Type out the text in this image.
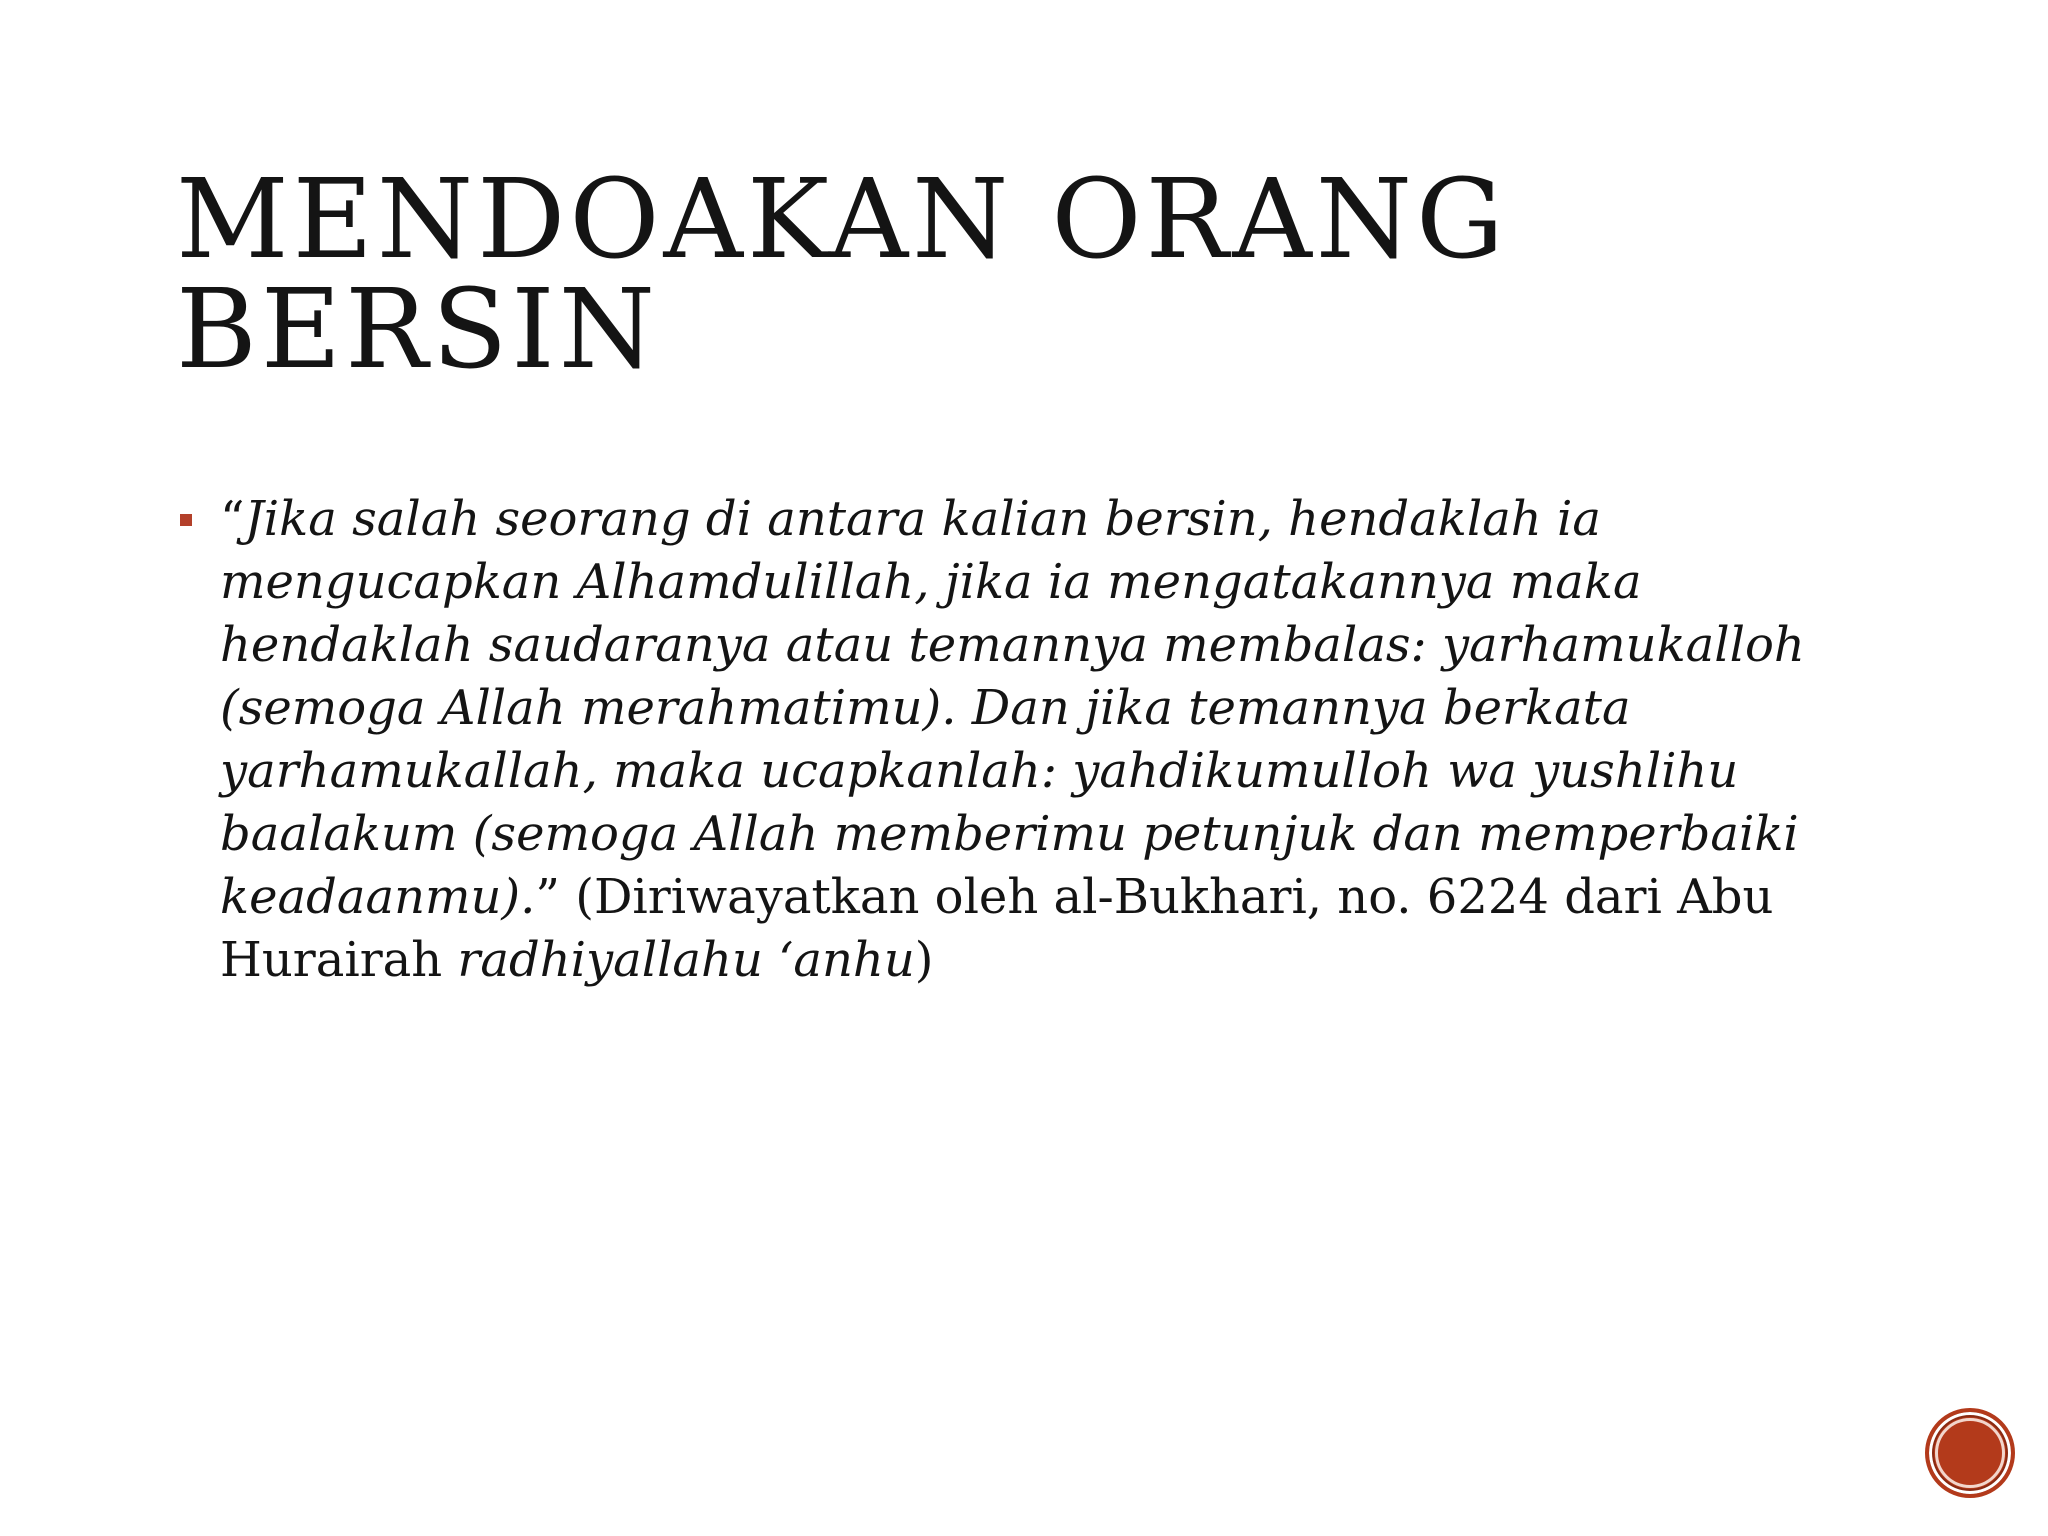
MENDOAKAN ORANG
BERSIN

“Jika salah seorang di antara kalian bersin, hendaklah ia mengucapkan Alhamdulillah, jika ia mengatakannya maka hendaklah saudaranya atau temannya membalas: yarhamukalloh (semoga Allah merahmatimu). Dan jika temannya berkata yarhamukallah, maka ucapkanlah: yahdikumulloh wa yushlihu baalakum (semoga Allah memberimu petunjuk dan memperbaiki keadaanmu).” (Diriwayatkan oleh al-Bukhari, no. 6224 dari Abu Hurairah radhiyallahu ‘anhu)
